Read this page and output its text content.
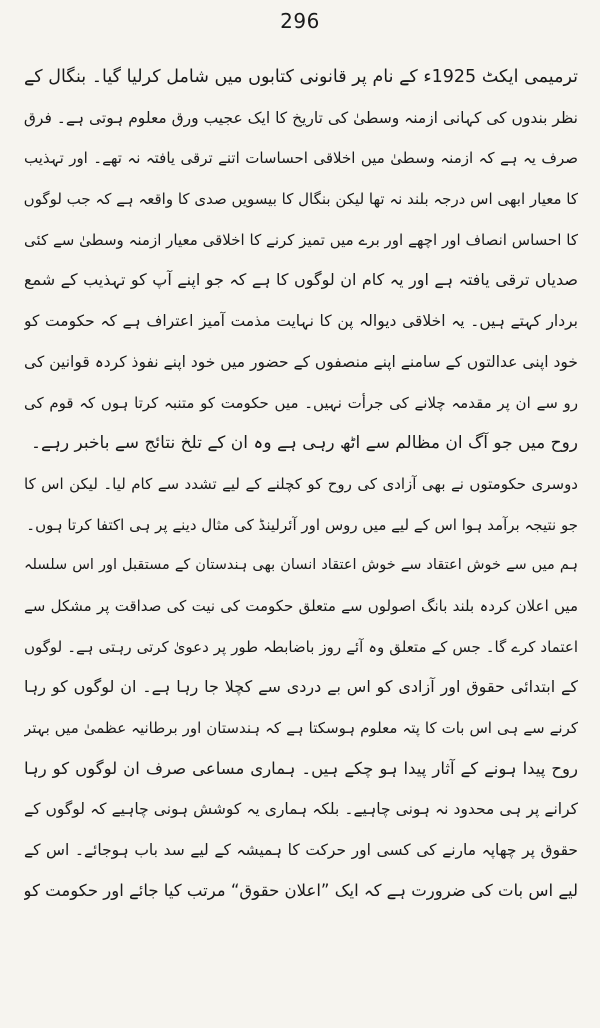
296
ترمیمی ایکٹ 1925ء کے نام پر قانونی کتابوں میں شامل کرلیا گیا۔ بنگال کے
نظر بندوں کی کہانی ازمنہ وسطیٰ کی تاریخ کا ایک عجیب ورق معلوم ہوتی ہے۔ فرق
صرف یہ ہے کہ ازمنہ وسطیٰ میں اخلاقی احساسات اتنے ترقی یافتہ نہ تھے۔ اور تہذیب
کا معیار ابھی اس درجہ بلند نہ تھا لیکن بنگال کا بیسویں صدی کا واقعہ ہے کہ جب لوگوں
کا احساس انصاف اور اچھے اور برے میں تمیز کرنے کا اخلاقی معیار ازمنہ وسطیٰ سے کئی
صدیاں ترقی یافتہ ہے اور یہ کام ان لوگوں کا ہے کہ جو اپنے آپ کو تہذیب کے شمع
بردار کہتے ہیں۔ یہ اخلاقی دیوالہ پن کا نہایت مذمت آمیز اعتراف ہے کہ حکومت کو
خود اپنی عدالتوں کے سامنے اپنے منصفوں کے حضور میں خود اپنے نفوذ کردہ قوانین کی
رو سے ان پر مقدمہ چلانے کی جرأت نہیں۔ میں حکومت کو متنبہ کرتا ہوں کہ قوم کی
روح میں جو آگ ان مظالم سے اٹھ رہی ہے وہ ان کے تلخ نتائج سے باخبر رہے۔
دوسری حکومتوں نے بھی آزادی کی روح کو کچلنے کے لیے تشدد سے کام لیا۔ لیکن اس کا
جو نتیجہ برآمد ہوا اس کے لیے میں روس اور آئرلینڈ کی مثال دینے پر ہی اکتفا کرتا ہوں۔
ہم میں سے خوش اعتقاد سے خوش اعتقاد انسان بھی ہندستان کے مستقبل اور اس سلسلہ
میں اعلان کردہ بلند بانگ اصولوں سے متعلق حکومت کی نیت کی صداقت پر مشکل سے
اعتماد کرے گا۔ جس کے متعلق وہ آئے روز باضابطہ طور پر دعویٰ کرتی رہتی ہے۔ لوگوں
کے ابتدائی حقوق اور آزادی کو اس بے دردی سے کچلا جا رہا ہے۔ ان لوگوں کو رہا
کرنے سے ہی اس بات کا پتہ معلوم ہوسکتا ہے کہ ہندستان اور برطانیہ عظمیٰ میں بہتر
روح پیدا ہونے کے آثار پیدا ہو چکے ہیں۔ ہماری مساعی صرف ان لوگوں کو رہا
کرانے پر ہی محدود نہ ہونی چاہیے۔ بلکہ ہماری یہ کوشش ہونی چاہیے کہ لوگوں کے
حقوق پر چھاپہ مارنے کی کسی اور حرکت کا ہمیشہ کے لیے سد باب ہوجائے۔ اس کے
لیے اس بات کی ضرورت ہے کہ ایک ”اعلان حقوق“ مرتب کیا جائے اور حکومت کو
